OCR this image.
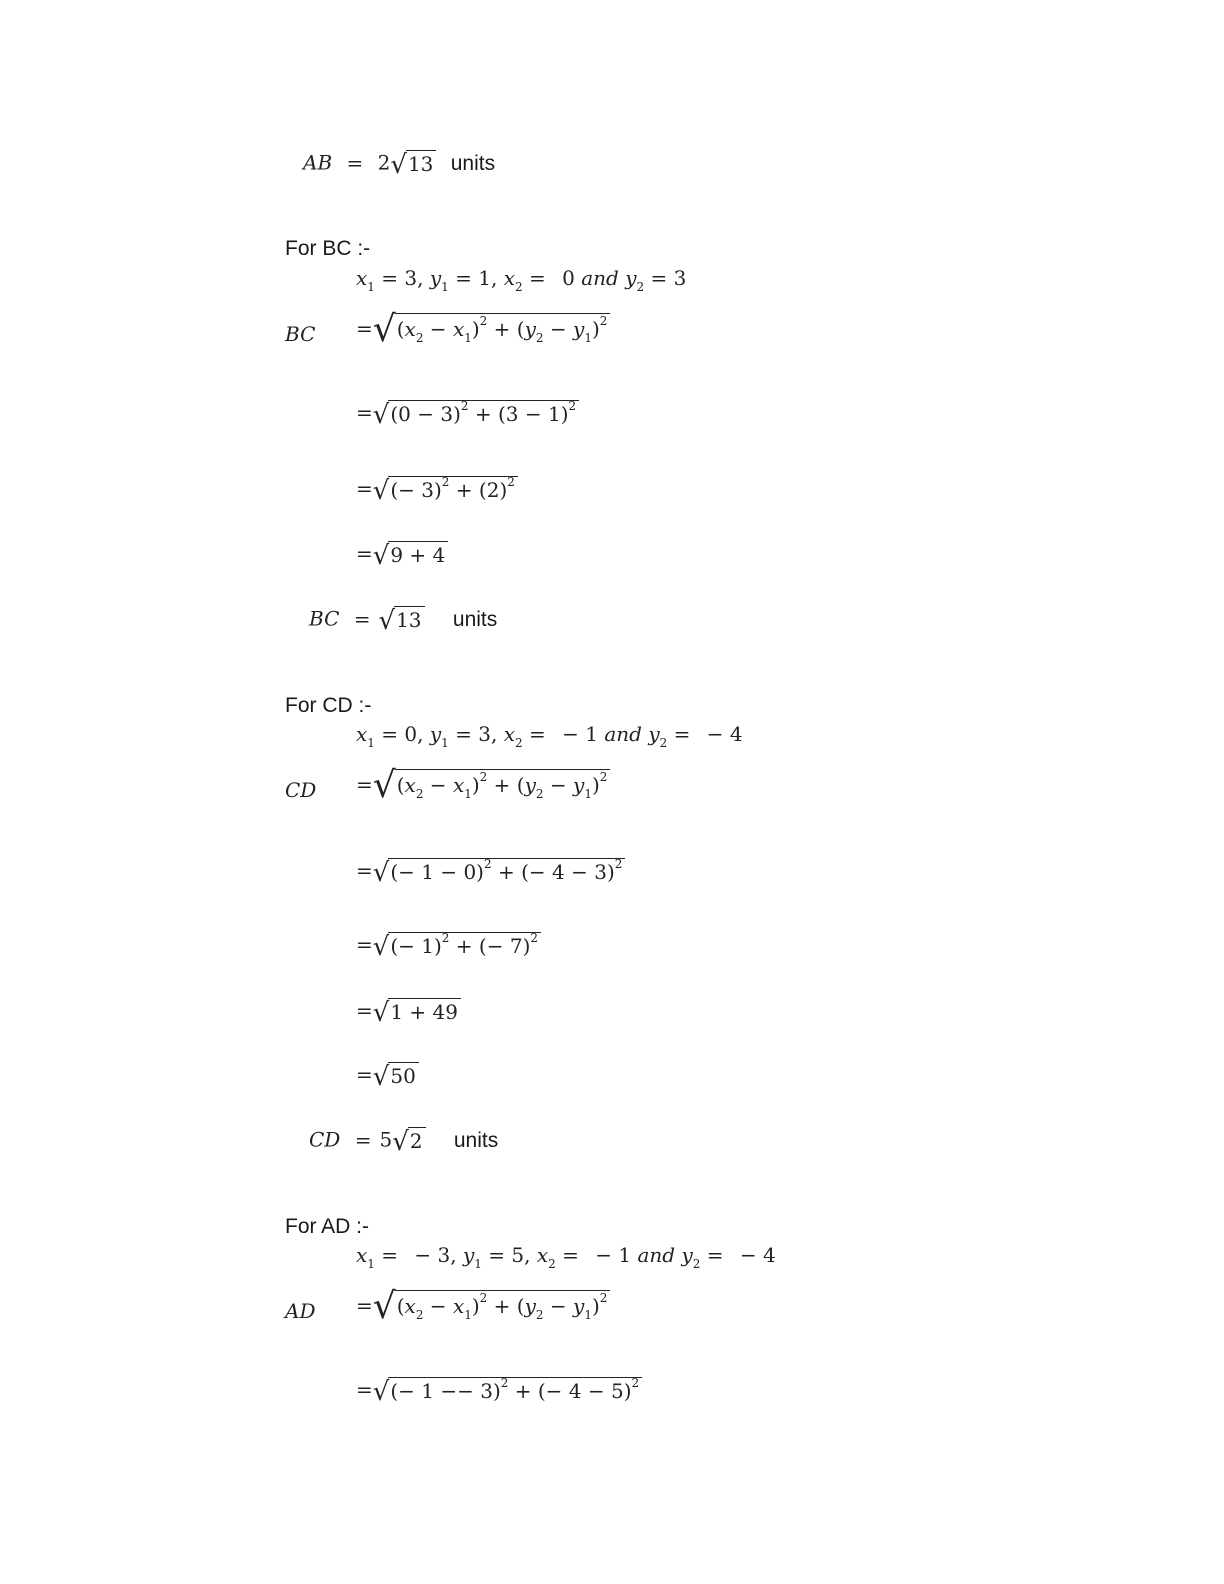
AB = 2√13 units
For BC :-
$x_1 = 3$, $y_1 = 1$, $x_2 = 0$ and $y_2 = 3$
BC $=√(x_2 - x_1)^2 + (y_2 - y_1)^2$
$=√(0 - 3)^2 + (3 - 1)^2$
=√(− $3)^2 + (2)^2$
=√9 + 4
BC = √13 units
For CD :-
$x_1 = 0$, $y_1 = 3$, $x_2$ = − 1 and $y_2$ = − 4
CD $=√(x_2 - x_1)^2 + (y_2 - y_1)^2$
=√(− 1 − 0)$^2$ + (− 4 − 3)$^2$
=√(− 1)$^2$ + (− 7)$^2$
=√1 + 49
=√50
CD = 5√2 units
For AD :-
$x_1$ = − 3, $y_1 = 5$, $x_2$ = − 1 and $y_2$ = − 4
AD $=√(x_2 - x_1)^2 + (y_2 - y_1)^2$
=√(− 1 −− 3)$^2$ + (− 4 − 5)$^2$
